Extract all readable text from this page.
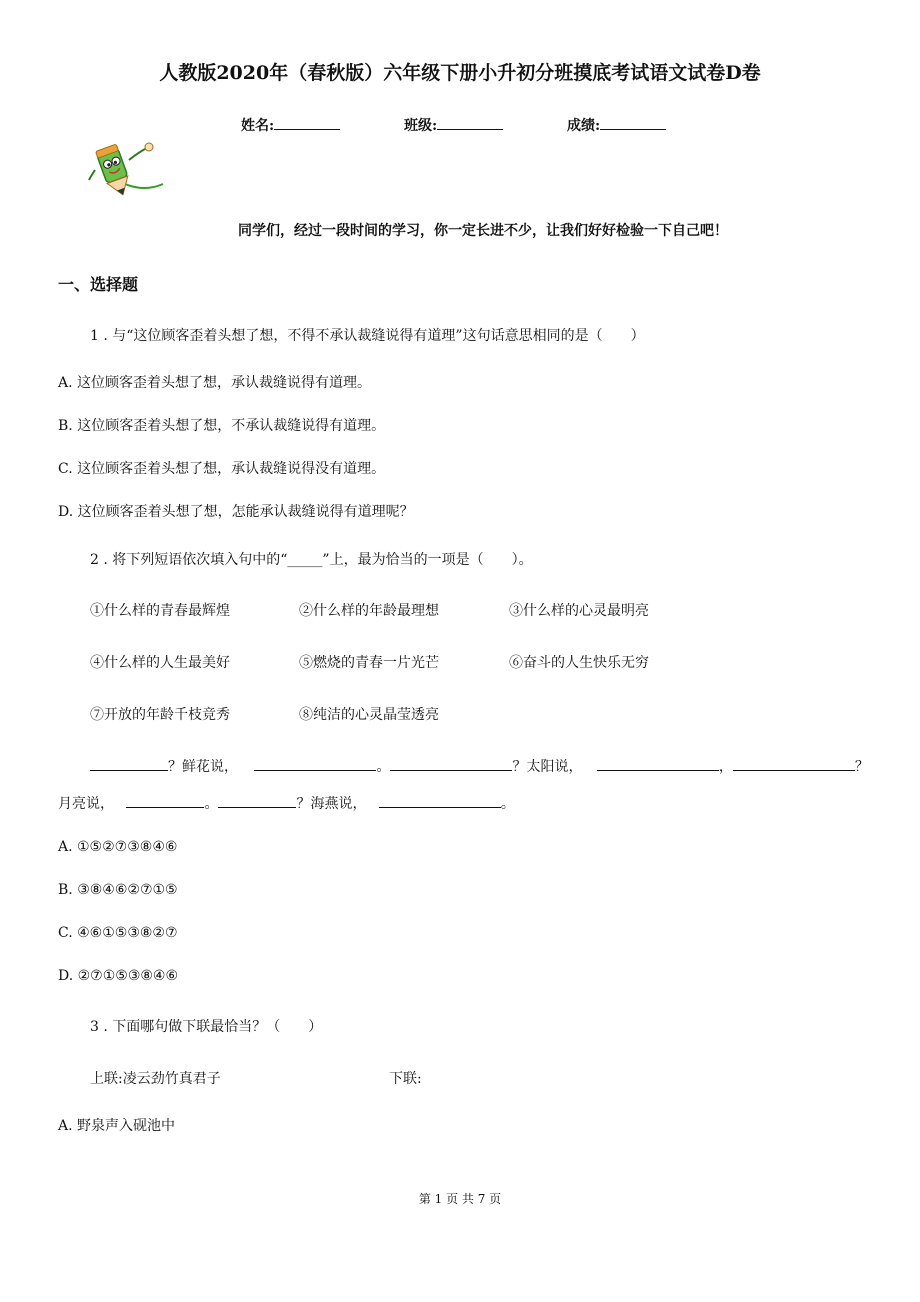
人教版2020年（春秋版）六年级下册小升初分班摸底考试语文试卷D卷
姓名:	班级:	成绩:
同学们，经过一段时间的学习，你一定长进不少，让我们好好检验一下自己吧！
一、选择题
1 . 与“这位顾客歪着头想了想，不得不承认裁缝说得有道理”这句话意思相同的是（　　）
A. 这位顾客歪着头想了想，承认裁缝说得有道理。
B. 这位顾客歪着头想了想，不承认裁缝说得有道理。
C. 这位顾客歪着头想了想，承认裁缝说得没有道理。
D. 这位顾客歪着头想了想，怎能承认裁缝说得有道理呢？
2 . 将下列短语依次填入句中的“_____”上，最为恰当的一项是（　　）。
①什么样的青春最辉煌	②什么样的年龄最理想	③什么样的心灵最明亮
④什么样的人生最美好	⑤燃烧的青春一片光芒	⑥奋斗的人生快乐无穷
⑦开放的年龄千枝竞秀	⑧纯洁的心灵晶莹透亮
？鲜花说，	。	？太阳说，	，	？
月亮说，	。	？海燕说，	。
A. ①⑤②⑦③⑧④⑥
B. ③⑧④⑥②⑦①⑤
C. ④⑥①⑤③⑧②⑦
D. ②⑦①⑤③⑧④⑥
3 . 下面哪句做下联最恰当？（　　）
上联:凌云劲竹真君子	下联:
A. 野泉声入砚池中
第 1 页 共 7 页
